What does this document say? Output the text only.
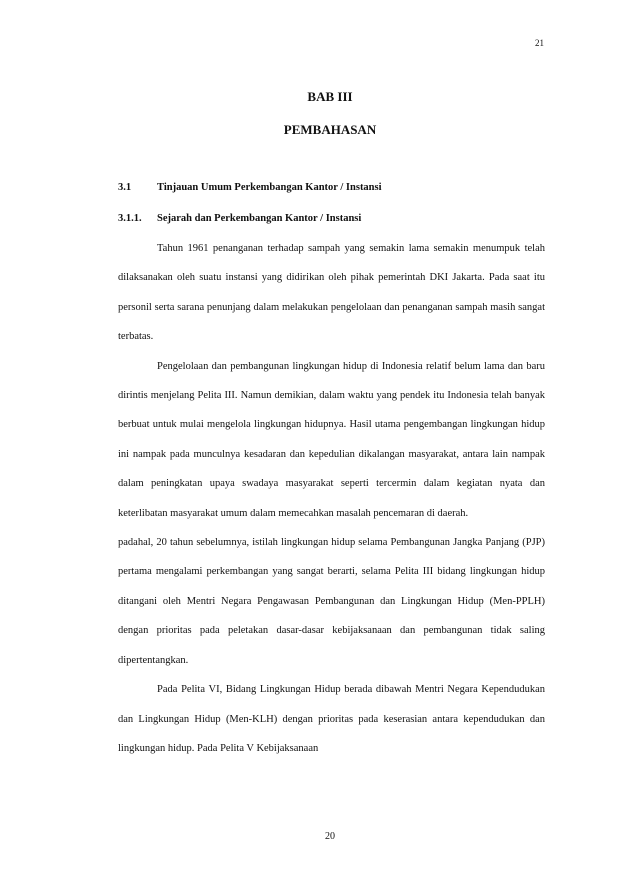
21
BAB III
PEMBAHASAN
3.1 Tinjauan Umum Perkembangan Kantor / Instansi
3.1.1. Sejarah dan Perkembangan Kantor / Instansi

Tahun 1961 penanganan terhadap sampah yang semakin lama semakin menumpuk telah dilaksanakan oleh suatu instansi yang didirikan oleh pihak pemerintah DKI Jakarta. Pada saat itu personil serta sarana penunjang dalam melakukan pengelolaan dan penanganan sampah masih sangat terbatas.

Pengelolaan dan pembangunan lingkungan hidup di Indonesia relatif belum lama dan baru dirintis menjelang Pelita III. Namun demikian, dalam waktu yang pendek itu Indonesia telah banyak berbuat untuk mulai mengelola lingkungan hidupnya. Hasil utama pengembangan lingkungan hidup ini nampak pada munculnya kesadaran dan kepedulian dikalangan masyarakat, antara lain nampak dalam peningkatan upaya swadaya masyarakat seperti tercermin dalam kegiatan nyata dan keterlibatan masyarakat umum dalam memecahkan masalah pencemaran di daerah.

padahal, 20 tahun sebelumnya, istilah lingkungan hidup selama Pembangunan Jangka Panjang (PJP) pertama mengalami perkembangan yang sangat berarti, selama Pelita III bidang lingkungan hidup ditangani oleh Mentri Negara Pengawasan Pembangunan dan Lingkungan Hidup (Men-PPLH) dengan prioritas pada peletakan dasar-dasar kebijaksanaan dan pembangunan tidak saling dipertentangkan.

Pada Pelita VI, Bidang Lingkungan Hidup berada dibawah Mentri Negara Kependudukan dan Lingkungan Hidup (Men-KLH) dengan prioritas pada keserasian antara kependudukan dan lingkungan hidup. Pada Pelita V Kebijaksanaan

20
